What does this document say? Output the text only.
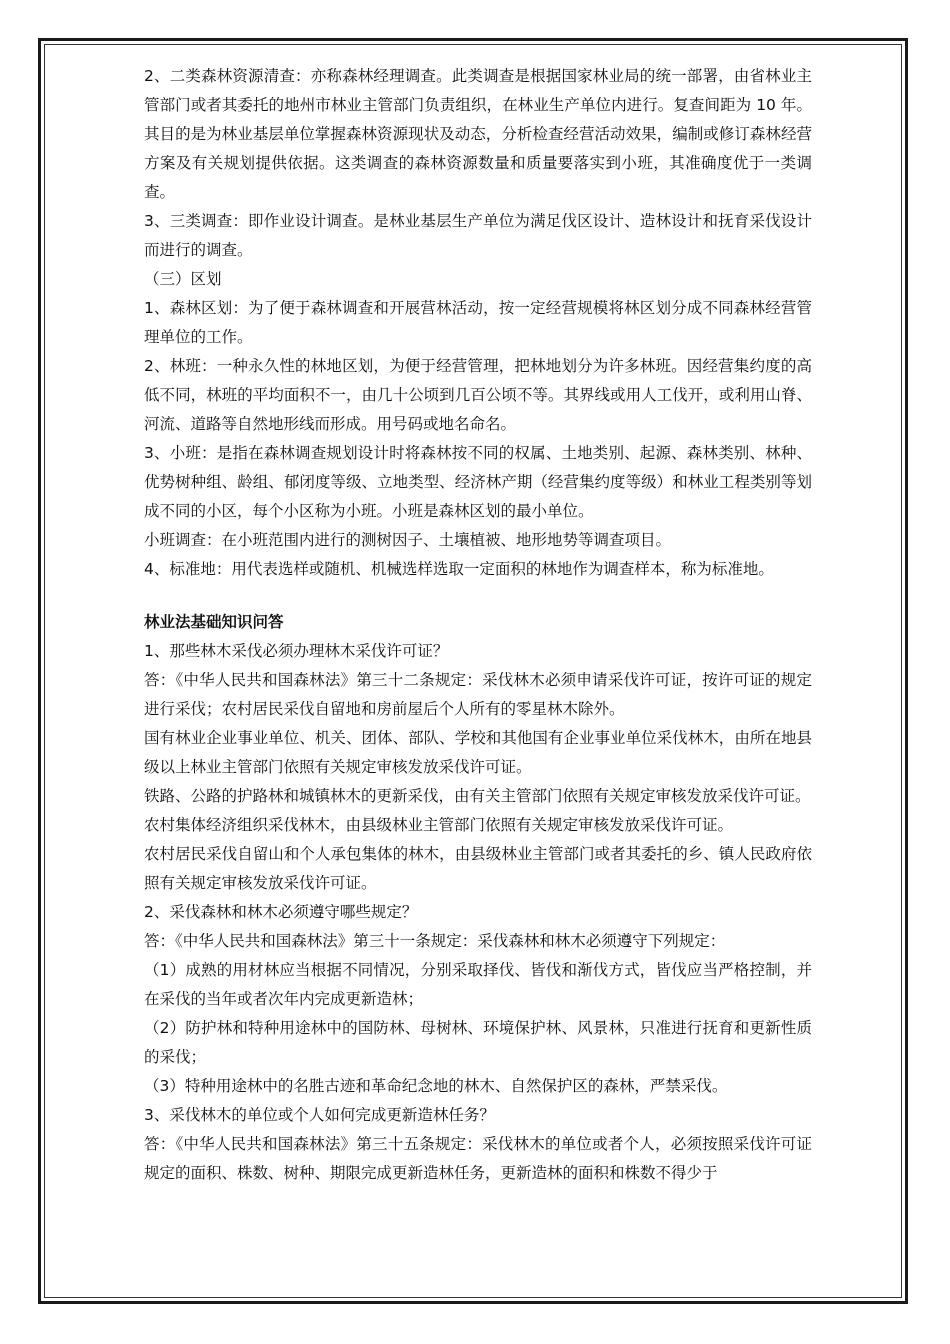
2、二类森林资源清查：亦称森林经理调查。此类调查是根据国家林业局的统一部署，由省林业主管部门或者其委托的地州市林业主管部门负责组织，在林业生产单位内进行。复查间距为 10 年。其目的是为林业基层单位掌握森林资源现状及动态，分析检查经营活动效果，编制或修订森林经营方案及有关规划提供依据。这类调查的森林资源数量和质量要落实到小班，其准确度优于一类调查。

3、三类调查：即作业设计调查。是林业基层生产单位为满足伐区设计、造林设计和抚育采伐设计而进行的调查。

（三）区划

1、森林区划：为了便于森林调查和开展营林活动，按一定经营规模将林区划分成不同森林经营管理单位的工作。

2、林班：一种永久性的林地区划，为便于经营管理，把林地划分为许多林班。因经营集约度的高低不同，林班的平均面积不一，由几十公顷到几百公顷不等。其界线或用人工伐开，或利用山脊、河流、道路等自然地形线而形成。用号码或地名命名。

3、小班：是指在森林调查规划设计时将森林按不同的权属、土地类别、起源、森林类别、林种、优势树种组、龄组、郁闭度等级、立地类型、经济林产期（经营集约度等级）和林业工程类别等划成不同的小区，每个小区称为小班。小班是森林区划的最小单位。

小班调查：在小班范围内进行的测树因子、土壤植被、地形地势等调查项目。

4、标准地：用代表选样或随机、机械选样选取一定面积的林地作为调查样本，称为标准地。

林业法基础知识问答

1、那些林木采伐必须办理林木采伐许可证？

答：《中华人民共和国森林法》第三十二条规定：采伐林木必须申请采伐许可证，按许可证的规定进行采伐；农村居民采伐自留地和房前屋后个人所有的零星林木除外。

国有林业企业事业单位、机关、团体、部队、学校和其他国有企业事业单位采伐林木，由所在地县级以上林业主管部门依照有关规定审核发放采伐许可证。

铁路、公路的护路林和城镇林木的更新采伐，由有关主管部门依照有关规定审核发放采伐许可证。

农村集体经济组织采伐林木，由县级林业主管部门依照有关规定审核发放采伐许可证。

农村居民采伐自留山和个人承包集体的林木，由县级林业主管部门或者其委托的乡、镇人民政府依照有关规定审核发放采伐许可证。

2、采伐森林和林木必须遵守哪些规定？

答：《中华人民共和国森林法》第三十一条规定：采伐森林和林木必须遵守下列规定：

（1）成熟的用材林应当根据不同情况，分别采取择伐、皆伐和渐伐方式，皆伐应当严格控制，并在采伐的当年或者次年内完成更新造林；

（2）防护林和特种用途林中的国防林、母树林、环境保护林、风景林，只准进行抚育和更新性质的采伐；

（3）特种用途林中的名胜古迹和革命纪念地的林木、自然保护区的森林，严禁采伐。

3、采伐林木的单位或个人如何完成更新造林任务？

答：《中华人民共和国森林法》第三十五条规定：采伐林木的单位或者个人，必须按照采伐许可证规定的面积、株数、树种、期限完成更新造林任务，更新造林的面积和株数不得少于
